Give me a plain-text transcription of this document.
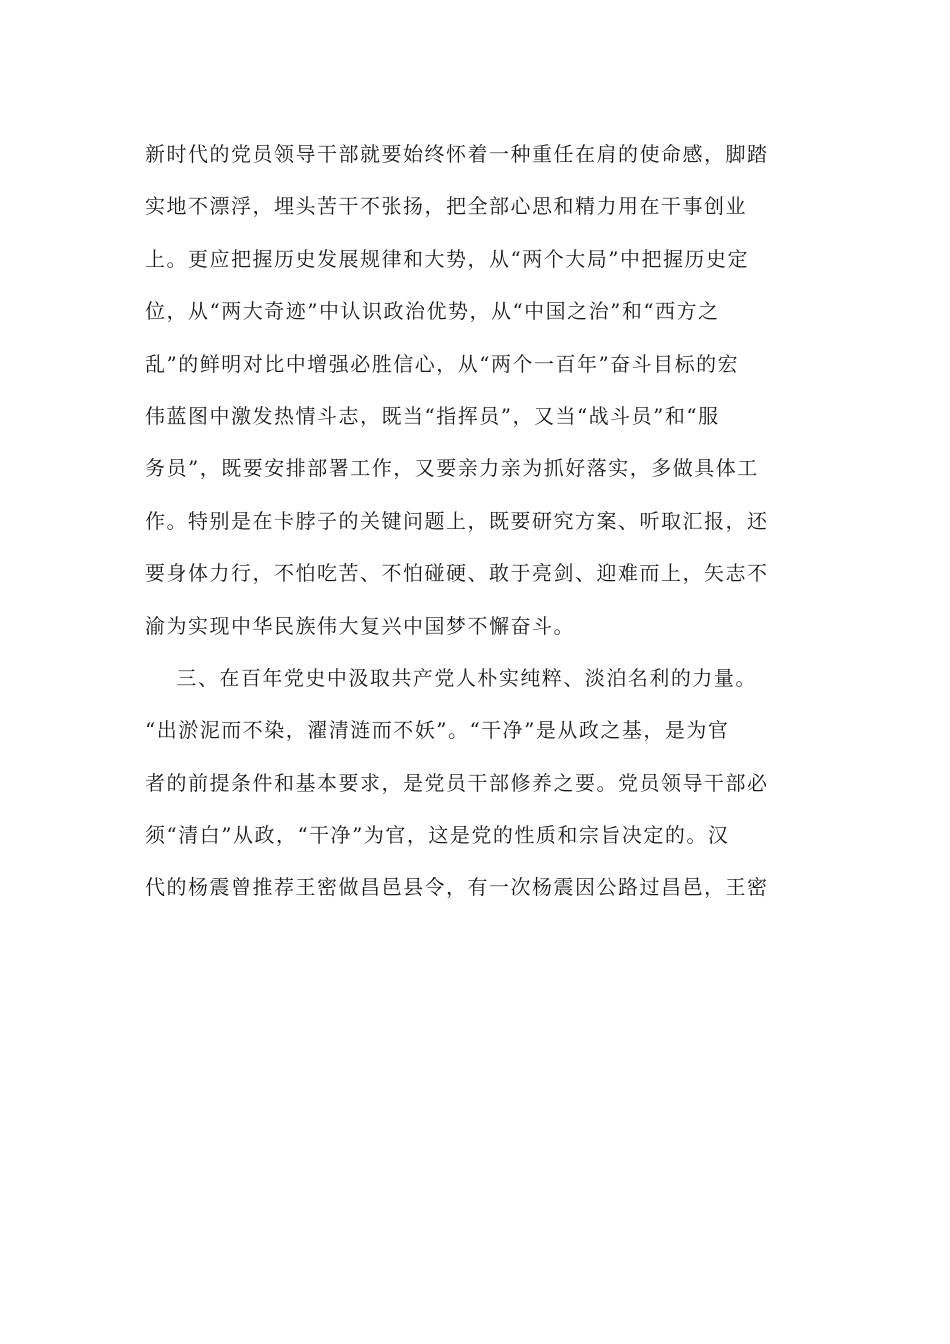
新时代的党员领导干部就要始终怀着一种重任在肩的使命感，脚踏
实地不漂浮，埋头苦干不张扬，把全部心思和精力用在干事创业
上。更应把握历史发展规律和大势，从“两个大局”中把握历史定
位，从“两大奇迹”中认识政治优势，从“中国之治”和“西方之
乱”的鲜明对比中增强必胜信心，从“两个一百年”奋斗目标的宏
伟蓝图中激发热情斗志，既当“指挥员”，又当“战斗员”和“服
务员”，既要安排部署工作，又要亲力亲为抓好落实，多做具体工
作。特别是在卡脖子的关键问题上，既要研究方案、听取汇报，还
要身体力行，不怕吃苦、不怕碰硬、敢于亮剑、迎难而上，矢志不
渝为实现中华民族伟大复兴中国梦不懈奋斗。
三、在百年党史中汲取共产党人朴实纯粹、淡泊名利的力量。
“出淤泥而不染，濯清涟而不妖”。“干净”是从政之基，是为官
者的前提条件和基本要求，是党员干部修养之要。党员领导干部必
须“清白”从政，“干净”为官，这是党的性质和宗旨决定的。汉
代的杨震曾推荐王密做昌邑县令，有一次杨震因公路过昌邑，王密
